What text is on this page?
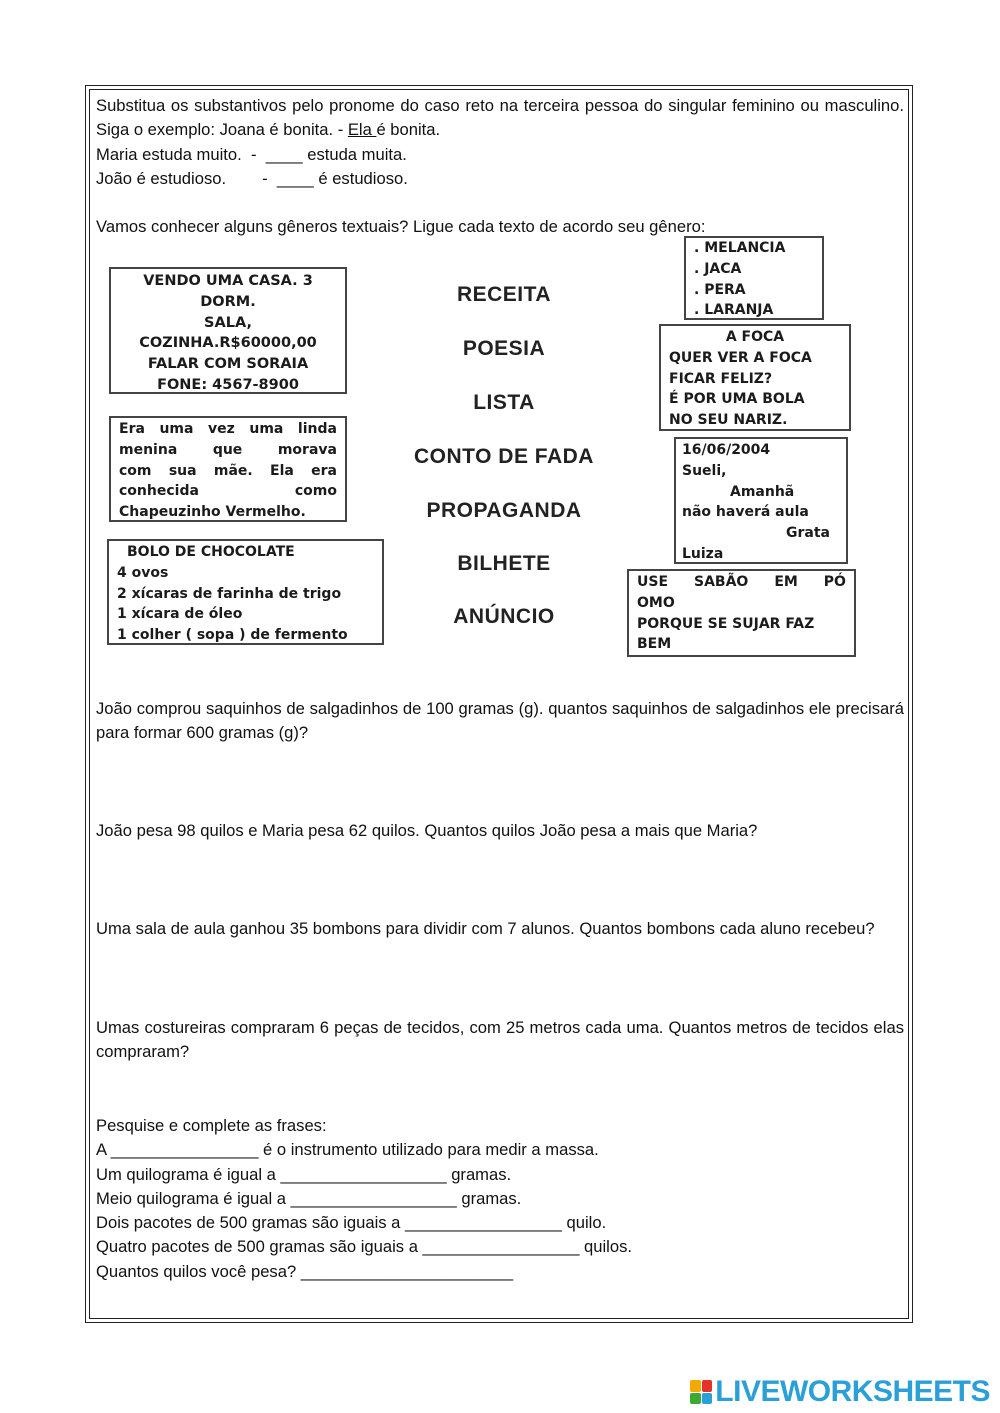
Substitua os substantivos pelo pronome do caso reto na terceira pessoa do singular feminino ou masculino. Siga o exemplo: Joana é bonita. - Ela é bonita.

Maria estuda muito.  -  ____ estuda muita.

João é estudioso. -  ____ é estudioso.

Vamos conhecer alguns gêneros textuais? Ligue cada texto de acordo seu gênero:

VENDO UMA CASA. 3
DORM.
SALA,
COZINHA.R$60000,00
FALAR COM SORAIA
FONE: 4567-8900
Era uma vez uma linda
menina	que	morava
com sua mãe. Ela era
conhecida	como
Chapeuzinho Vermelho.
BOLO DE CHOCOLATE
4 ovos
2 xícaras de farinha de trigo
1 xícara de óleo
1 colher ( sopa ) de fermento
RECEITA
POESIA
LISTA
CONTO DE FADA
PROPAGANDA
BILHETE
ANÚNCIO
. MELANCIA
. JACA
. PERA
. LARANJA
A FOCA
QUER VER A FOCA
FICAR FELIZ?
É POR UMA BOLA
NO SEU NARIZ.
16/06/2004
Sueli,
Amanhã
não haverá aula
Grata
Luiza
USE SABÃO EM PÓ
OMO
PORQUE SE SUJAR FAZ
BEM

João comprou saquinhos de salgadinhos de 100 gramas (g). quantos saquinhos de salgadinhos ele precisará para formar 600 gramas (g)?

João pesa 98 quilos e Maria pesa 62 quilos. Quantos quilos João pesa a mais que Maria?

Uma sala de aula ganhou 35 bombons para dividir com 7 alunos. Quantos bombons cada aluno recebeu?

Umas costureiras compraram 6 peças de tecidos, com 25 metros cada uma. Quantos metros de tecidos elas compraram?

Pesquise e complete as frases:

A ________________ é o instrumento utilizado para medir a massa.

Um quilograma é igual a __________________ gramas.

Meio quilograma é igual a __________________ gramas.

Dois pacotes de 500 gramas são iguais a _________________ quilo.

Quatro pacotes de 500 gramas são iguais a _________________ quilos.

Quantos quilos você pesa? _______________________

LIVEWORKSHEETS
